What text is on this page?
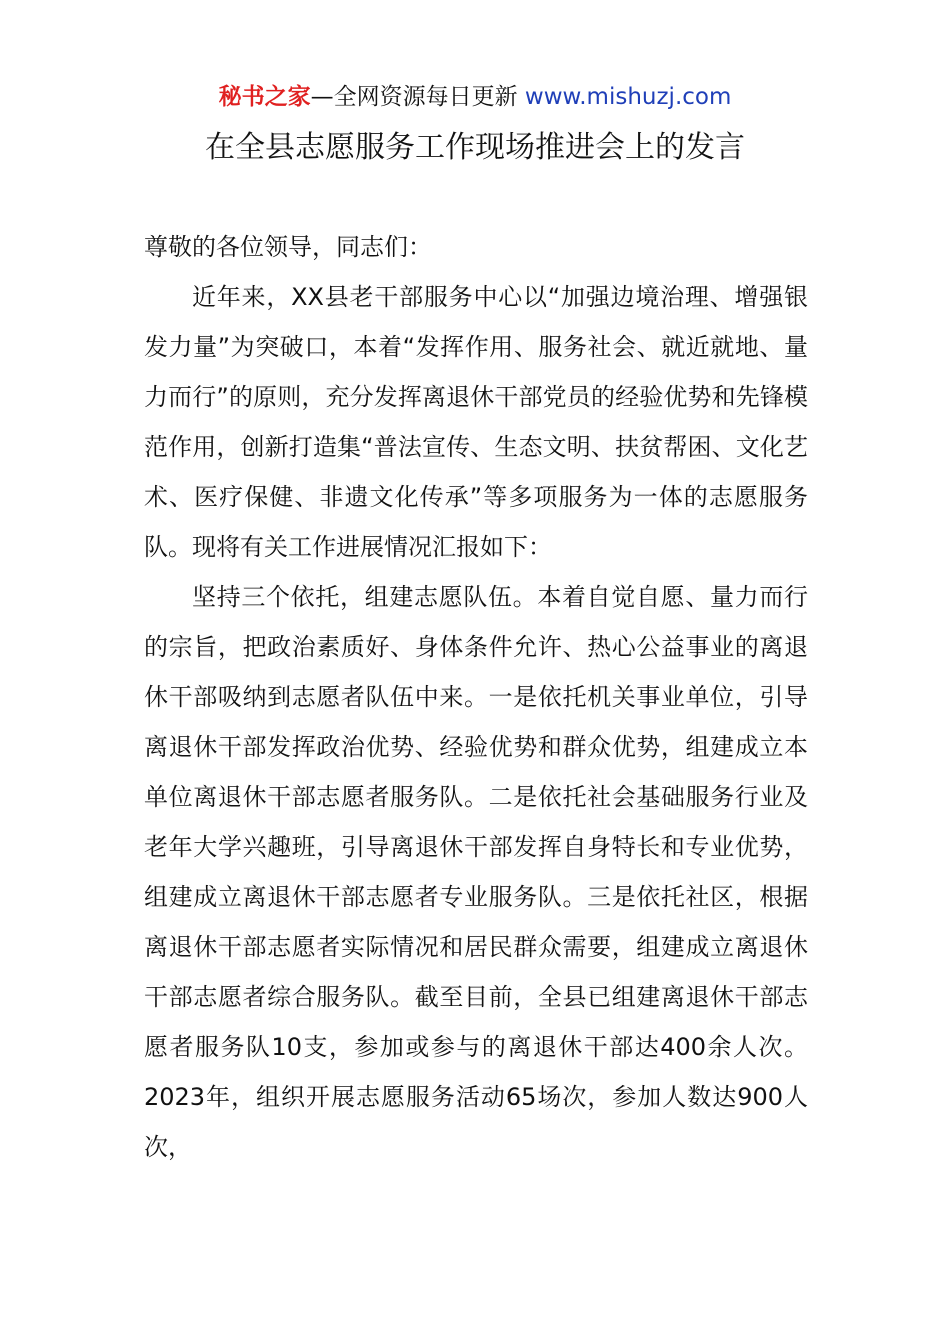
秘书之家—全网资源每日更新 www.mishuzj.com
在全县志愿服务工作现场推进会上的发言

尊敬的各位领导，同志们：

近年来，XX县老干部服务中心以“加强边境治理、增强银发力量”为突破口，本着“发挥作用、服务社会、就近就地、量力而行”的原则，充分发挥离退休干部党员的经验优势和先锋模范作用，创新打造集“普法宣传、生态文明、扶贫帮困、文化艺术、医疗保健、非遗文化传承”等多项服务为一体的志愿服务队。现将有关工作进展情况汇报如下：

坚持三个依托，组建志愿队伍。本着自觉自愿、量力而行的宗旨，把政治素质好、身体条件允许、热心公益事业的离退休干部吸纳到志愿者队伍中来。一是依托机关事业单位，引导离退休干部发挥政治优势、经验优势和群众优势，组建成立本单位离退休干部志愿者服务队。二是依托社会基础服务行业及老年大学兴趣班，引导离退休干部发挥自身特长和专业优势，组建成立离退休干部志愿者专业服务队。三是依托社区，根据离退休干部志愿者实际情况和居民群众需要，组建成立离退休干部志愿者综合服务队。截至目前，全县已组建离退休干部志愿者服务队10支，参加或参与的离退休干部达400余人次。2023年，组织开展志愿服务活动65场次，参加人数达900人次，
